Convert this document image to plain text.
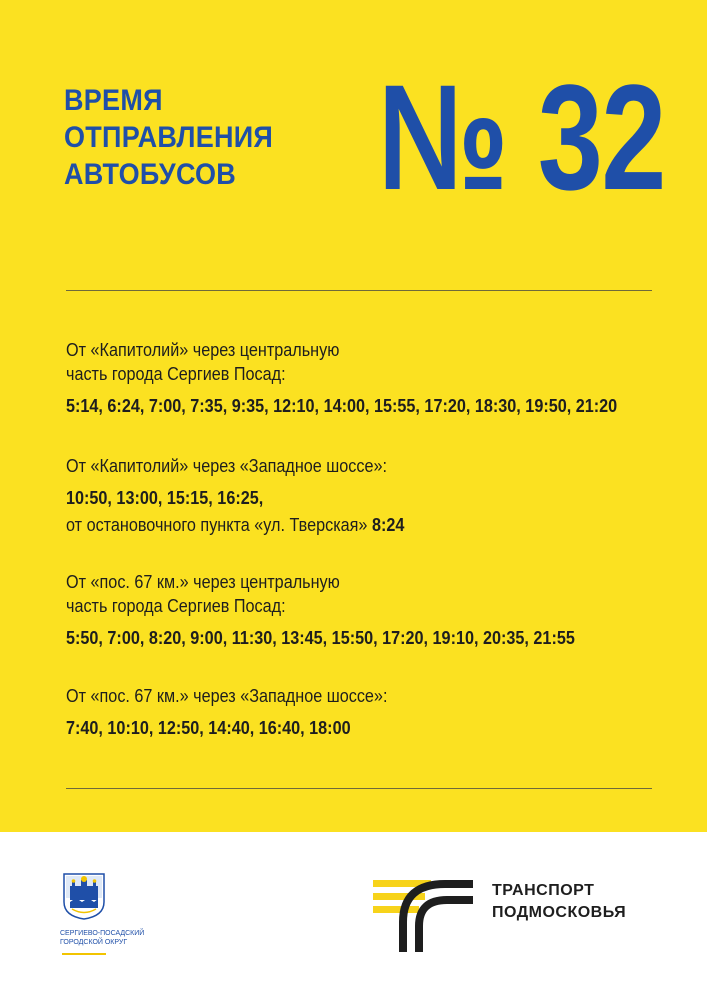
ВРЕМЯ
ОТПРАВЛЕНИЯ
АВТОБУСОВ № 32
От «Капитолий» через центральную
часть города Сергиев Посад:
5:14, 6:24, 7:00, 7:35, 9:35, 12:10, 14:00, 15:55, 17:20, 18:30, 19:50, 21:20
От «Капитолий» через «Западное шоссе»:
10:50, 13:00, 15:15, 16:25,
от остановочного пункта «ул. Тверская» 8:24
От «пос. 67 км.» через центральную
часть города Сергиев Посад:
5:50, 7:00, 8:20, 9:00, 11:30, 13:45, 15:50, 17:20, 19:10, 20:35, 21:55
От «пос. 67 км.» через «Западное шоссе»:
7:40, 10:10, 12:50, 14:40, 16:40, 18:00
СЕРГИЕВО-ПОСАДСКИЙ
ГОРОДСКОЙ ОКРУГ
ТРАНСПОРТ
ПОДМОСКОВЬЯ
